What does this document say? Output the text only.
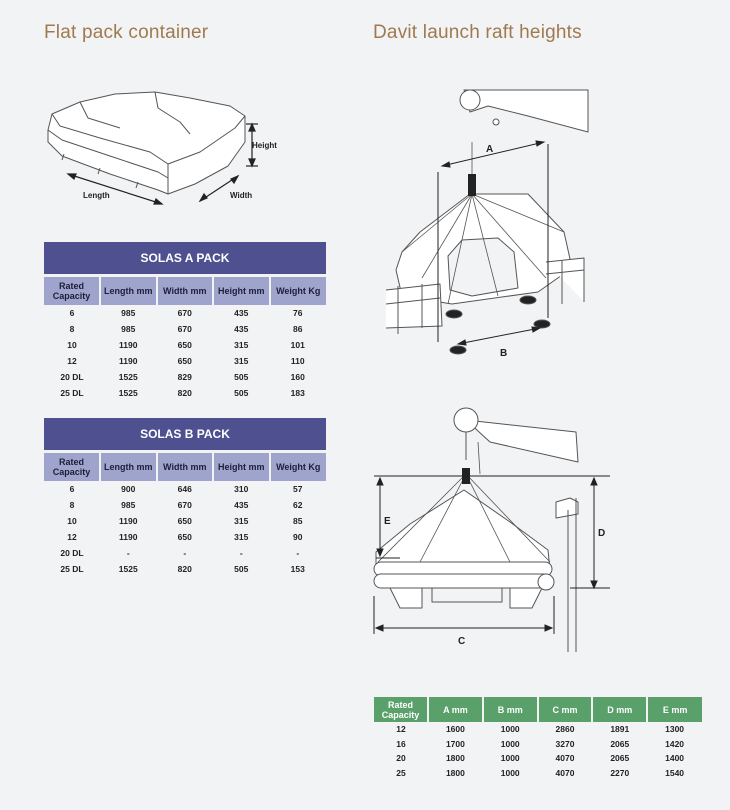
Flat pack container	Davit launch raft heights
Length	Width
Height
SOLAS A PACK				
Rated Capacity	Length mm	Width mm	Height mm	Weight Kg
6	985	670	435	76
8	985	670	435	86
10	1190	650	315	101
12	1190	650	315	110
20 DL	1525	829	505	160
25 DL	1525	820	505	183
SOLAS B PACK				
Rated Capacity	Length mm	Width mm	Height mm	Weight Kg
6	900	646	310	57
8	985	670	435	62
10	1190	650	315	85
12	1190	650	315	90
20 DL	-	-	-	-
25 DL	1525	820	505	153
A
B
E
D
C
Rated Capacity	A mm	B mm	C mm	D mm	E mm
12	1600	1000	2860	1891	1300
16	1700	1000	3270	2065	1420
20	1800	1000	4070	2065	1400
25	1800	1000	4070	2270	1540
